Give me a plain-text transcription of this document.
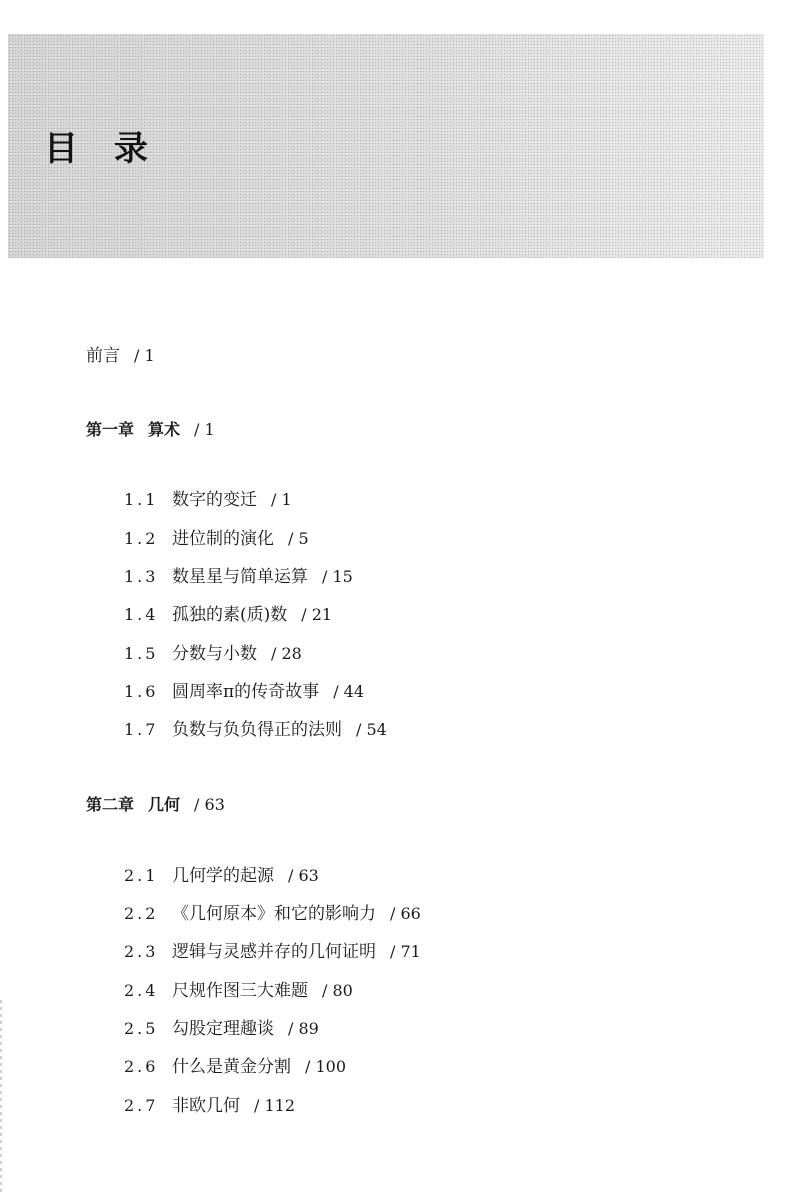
目 录
前言 / 1
第一章 算术 / 1
1.1 数字的变迁 / 1
1.2 进位制的演化 / 5
1.3 数星星与简单运算 / 15
1.4 孤独的素(质)数 / 21
1.5 分数与小数 / 28
1.6 圆周率π的传奇故事 / 44
1.7 负数与负负得正的法则 / 54
第二章 几何 / 63
2.1 几何学的起源 / 63
2.2 《几何原本》和它的影响力 / 66
2.3 逻辑与灵感并存的几何证明 / 71
2.4 尺规作图三大难题 / 80
2.5 勾股定理趣谈 / 89
2.6 什么是黄金分割 / 100
2.7 非欧几何 / 112
